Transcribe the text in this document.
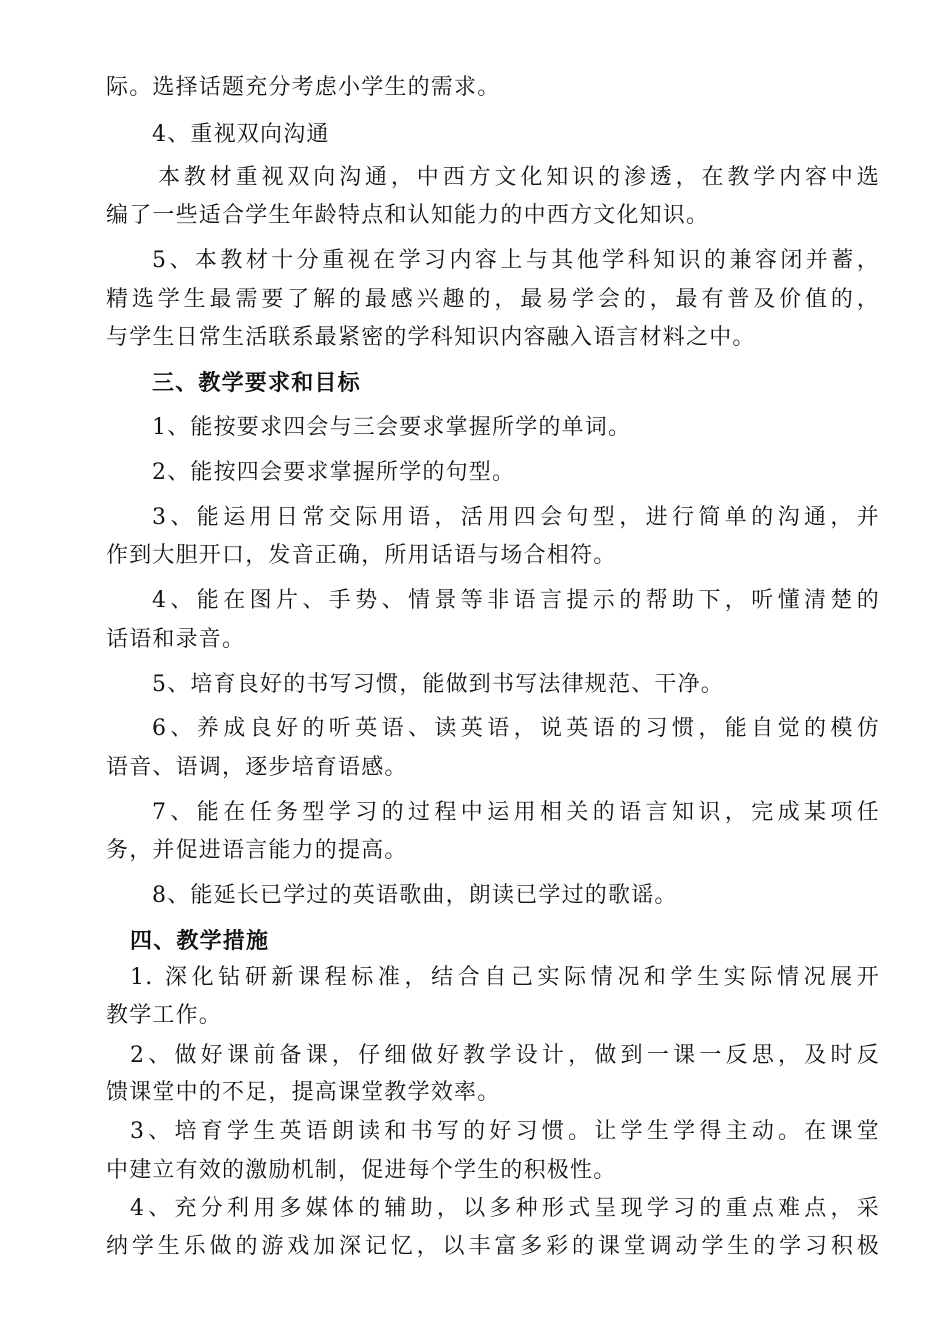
际。选择话题充分考虑小学生的需求。
4、重视双向沟通
本教材重视双向沟通，中西方文化知识的渗透，在教学内容中选
编了一些适合学生年龄特点和认知能力的中西方文化知识。
5、本教材十分重视在学习内容上与其他学科知识的兼容闭并蓄，
精选学生最需要了解的最感兴趣的，最易学会的，最有普及价值的，
与学生日常生活联系最紧密的学科知识内容融入语言材料之中。
三、教学要求和目标
1、能按要求四会与三会要求掌握所学的单词。
2、能按四会要求掌握所学的句型。
3、能运用日常交际用语，活用四会句型，进行简单的沟通，并
作到大胆开口，发音正确，所用话语与场合相符。
4、能在图片、手势、情景等非语言提示的帮助下，听懂清楚的
话语和录音。
5、培育良好的书写习惯，能做到书写法律规范、干净。
6、养成良好的听英语、读英语，说英语的习惯，能自觉的模仿
语音、语调，逐步培育语感。
7、能在任务型学习的过程中运用相关的语言知识，完成某项任
务，并促进语言能力的提高。
8、能延长已学过的英语歌曲，朗读已学过的歌谣。
四、教学措施
1. 深化钻研新课程标准，结合自己实际情况和学生实际情况展开
教学工作。
2、做好课前备课，仔细做好教学设计，做到一课一反思，及时反
馈课堂中的不足，提高课堂教学效率。
3、培育学生英语朗读和书写的好习惯。让学生学得主动。在课堂
中建立有效的激励机制，促进每个学生的积极性。
4、充分利用多媒体的辅助，以多种形式呈现学习的重点难点，采
纳学生乐做的游戏加深记忆，以丰富多彩的课堂调动学生的学习积极
